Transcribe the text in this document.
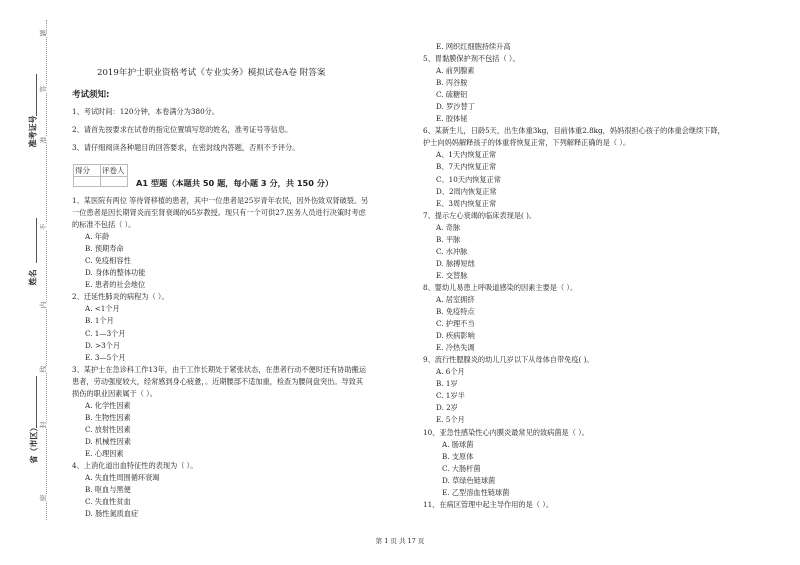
题
答
准
不
内
线
封
密
准考证号
姓名
省（市区）
2019年护士职业资格考试《专业实务》模拟试卷A卷 附答案
考试须知:
1、考试时间：120分钟，本卷满分为380分。
2、请首先按要求在试卷的指定位置填写您的姓名，准考证号等信息。
3、请仔细阅读各种题目的回答要求，在密封线内答题，否则不予评分。
得分	评卷人

A1 型题（本题共 50 题，每小题 3 分，共 150 分）
1、某医院有两位 等待肾移植的患者，其中一位患者是25岁青年农民，因外伤致双肾破裂。另
一位患者是因长期肾炎而至肾衰竭的65岁教授。现只有一个可供27.医务人员进行决策时考虑
的标准不包括（ ）。
A. 年龄
B. 预期寿命
C. 免疫相容性
D. 身体的整体功能
E. 患者的社会地位
2、迁延性肺炎的病程为（ ）。
A. <1个月
B. 1个月
C. 1—3个月
D. >3个月
E. 3—5个月
3、某护士在急诊科工作13年，由于工作长期处于紧张状态，在患者行动不便时还有协助搬运
患者，劳动强度较大，经常感到身心疲惫，。近期腰部不适加重，检查为腰间盘突出。导致其
损伤的职业因素属于（ ）。
A. 化学性因素
B. 生物性因素
C. 放射性因素
D. 机械性因素
E. 心理因素
4、上消化道出血特征性的表现为（ ）。
A. 失血性周围循环衰竭
B. 呕血与黑便
C. 失血性贫血
D. 肠性氮质血症
E. 网织红细胞持续升高
5、胃黏膜保护剂不包括（ ）。
A. 前列腺素
B. 丙谷胺
C. 硫糖铝
D. 罗沙替丁
E. 胶体铋
6、某新生儿，日龄5天，出生体重3kg，目前体重2.8kg，妈妈很担心孩子的体重会继续下降，
护士向妈妈解释孩子的体重将恢复正常，下列解释正确的是（ ）。
A、1天内恢复正常
B、7天内恢复正常
C、10天内恢复正常
D、2周内恢复正常
E、3周内恢复正常
7、提示左心衰竭的临床表现是( )。
A. 奇脉
B. 平脉
C. 水冲脉
D. 脉搏短绌
E. 交替脉
8、婴幼儿易患上呼吸道感染的因素主要是（ ）。
A. 居室拥挤
B. 免疫特点
C. 护理不当
D. 疾病影响
E. 冷热失调
9、流行性腮腺炎的幼儿几岁以下从母体自带免疫( )。
A. 6个月
B. 1岁
C. 1岁半
D. 2岁
E. 5个月
10、亚急性感染性心内膜炎最常见的致病菌是（ ）。
A. 肠球菌
B. 支原体
C. 大肠杆菌
D. 草绿色链球菌
E. 乙型溶血性链球菌
11、在病区管理中起主导作用的是（ ）。
第 1 页 共 17 页
